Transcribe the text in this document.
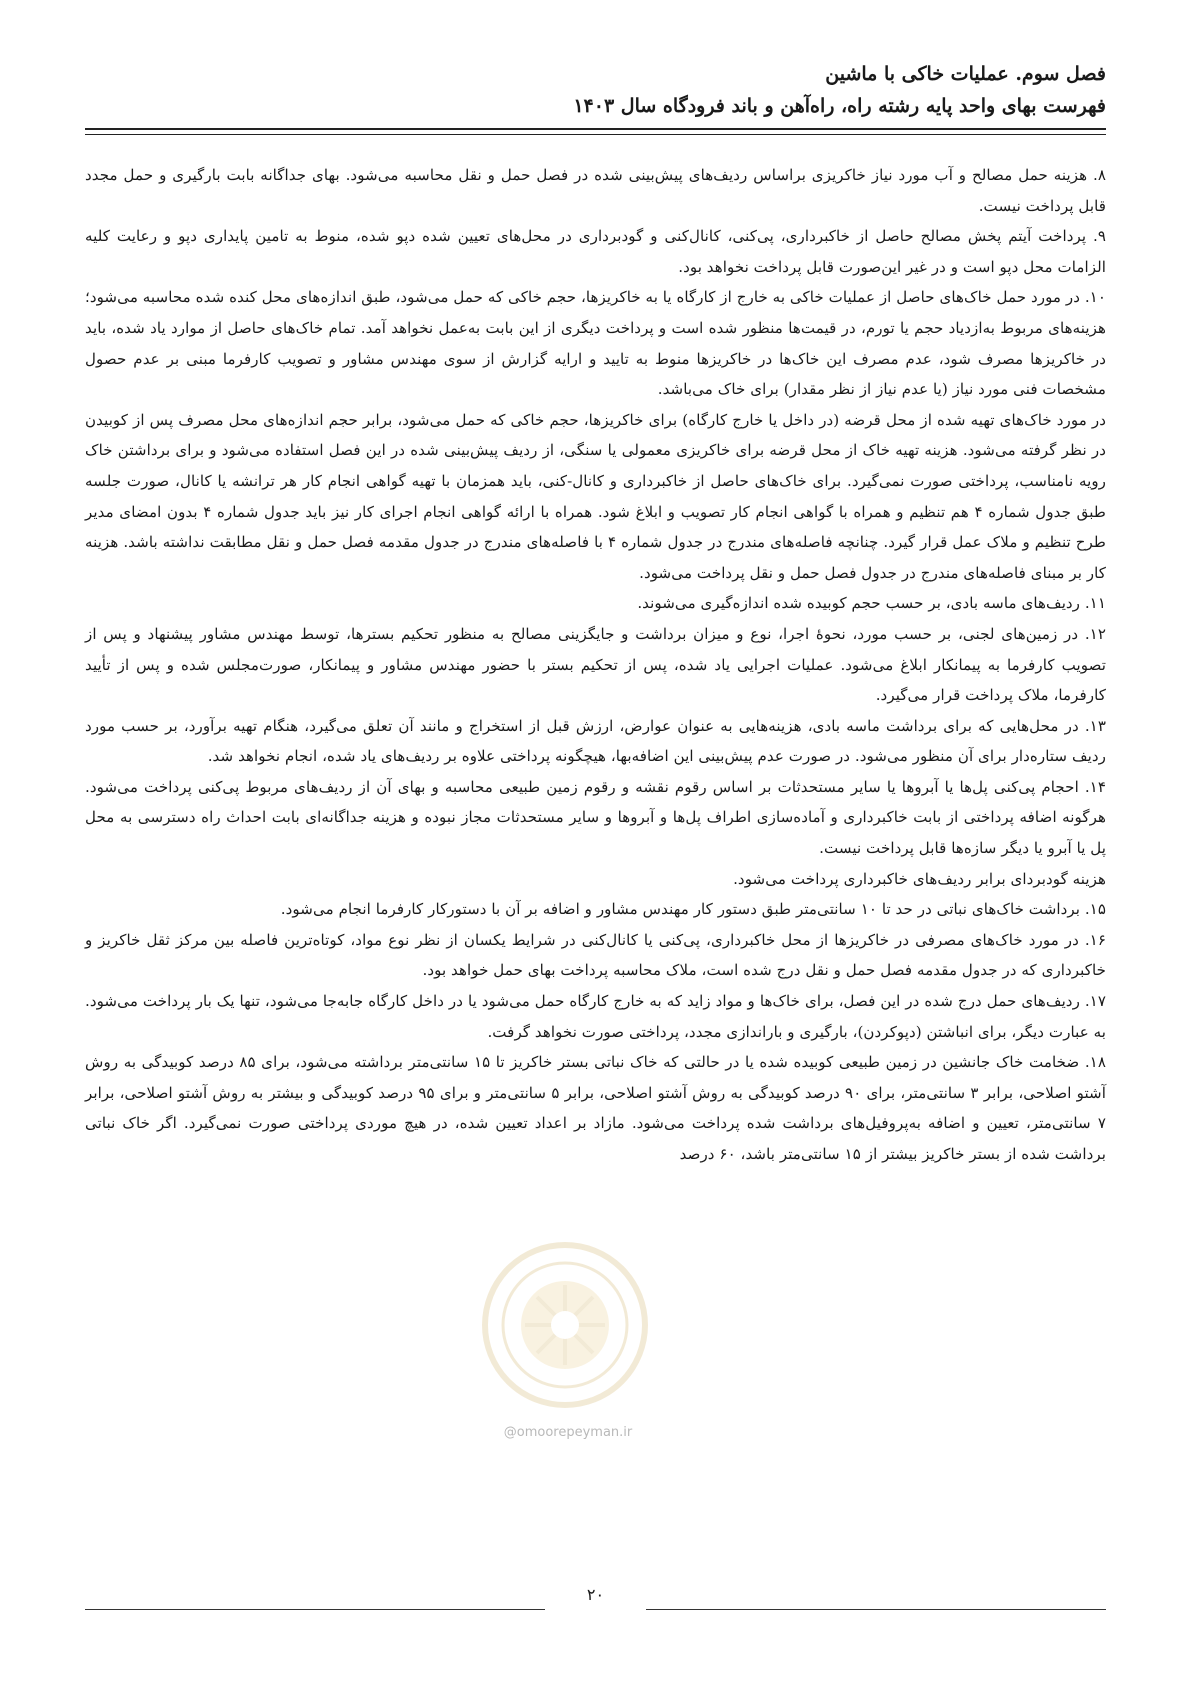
فصل سوم. عملیات خاکی با ماشین

فهرست بهای واحد پایه رشته راه، راه‌آهن و باند فرودگاه سال ۱۴۰۳

@omoorepeyman.ir

۸. هزینه حمل مصالح و آب مورد نیاز خاکریزی براساس ردیف‌های پیش‌بینی شده در فصل حمل و نقل محاسبه می‌شود. بهای جداگانه بابت بارگیری و حمل مجدد قابل پرداخت نیست.

۹. پرداخت آیتم پخش مصالح حاصل از خاکبرداری، پی‌کنی، کانال‌کنی و گودبرداری در محل‌های تعیین شده دپو شده، منوط به تامین پایداری دپو و رعایت کلیه الزامات محل دپو است و در غیر این‌صورت قابل پرداخت نخواهد بود.

۱۰. در مورد حمل خاک‌های حاصل از عملیات خاکی به خارج از کارگاه یا به خاکریزها، حجم خاکی که حمل می‌شود، طبق اندازه‌های محل کنده شده محاسبه می‌شود؛ هزینه‌های مربوط به‌ازدیاد حجم یا تورم، در قیمت‌ها منظور شده است و پرداخت دیگری از این بابت به‌عمل نخواهد آمد. تمام خاک‌های حاصل از موارد یاد شده، باید در خاکریزها مصرف شود، عدم مصرف این خاک‌ها در خاکریزها منوط به تایید و ارایه گزارش از سوی مهندس مشاور و تصویب کارفرما مبنی بر عدم حصول مشخصات فنی مورد نیاز (یا عدم نیاز از نظر مقدار) برای خاک می‌باشد.

در مورد خاک‌های تهیه شده از محل قرضه (در داخل یا خارج کارگاه) برای خاکریزها، حجم خاکی که حمل می‌شود، برابر حجم اندازه‌های محل مصرف پس از کوبیدن در نظر گرفته می‌شود. هزینه تهیه خاک از محل قرضه برای خاکریزی معمولی یا سنگی، از ردیف پیش‌بینی شده در این فصل استفاده می‌شود و برای برداشتن خاک رویه نامناسب، پرداختی صورت نمی‌گیرد. برای خاک‌های حاصل از خاکبرداری و کانال-کنی، باید همزمان با تهیه گواهی انجام کار هر ترانشه یا کانال، صورت جلسه طبق جدول شماره ۴ هم تنظیم و همراه با گواهی انجام کار تصویب و ابلاغ شود. همراه با ارائه گواهی انجام اجرای کار نیز باید جدول شماره ۴ بدون امضای مدیر طرح تنظیم و ملاک عمل قرار گیرد. چنانچه فاصله‌های مندرج در جدول شماره ۴ با فاصله‌های مندرج در جدول مقدمه فصل حمل و نقل مطابقت نداشته باشد. هزینه کار بر مبنای فاصله‌های مندرج در جدول فصل حمل و نقل پرداخت می‌شود.

۱۱. ردیف‌های ماسه بادی، بر حسب حجم کوبیده شده اندازه‌گیری می‌شوند.

۱۲. در زمین‌های لجنی، بر حسب مورد، نحوهٔ اجرا، نوع و میزان برداشت و جایگزینی مصالح به منظور تحکیم بسترها، توسط مهندس مشاور پیشنهاد و پس از تصویب کارفرما به پیمانکار ابلاغ می‌شود. عملیات اجرایی یاد شده، پس از تحکیم بستر با حضور مهندس مشاور و پیمانکار، صورت‌مجلس شده و پس از تأیید کارفرما، ملاک پرداخت قرار می‌گیرد.

۱۳. در محل‌هایی که برای برداشت ماسه بادی، هزینه‌هایی به عنوان عوارض، ارزش قبل از استخراج و مانند آن تعلق می‌گیرد، هنگام تهیه برآورد، بر حسب مورد ردیف ستاره‌دار برای آن منظور می‌شود. در صورت عدم پیش‌بینی این اضافه‌بها، هیچگونه پرداختی علاوه بر ردیف‌های یاد شده، انجام نخواهد شد.

۱۴. احجام پی‌کنی پل‌ها یا آبروها یا سایر مستحدثات بر اساس رقوم نقشه و رقوم زمین طبیعی محاسبه و بهای آن از ردیف‌های مربوط پی‌کنی پرداخت می‌شود. هرگونه اضافه پرداختی از بابت خاکبرداری و آماده‌سازی اطراف پل‌ها و آبروها و سایر مستحدثات مجاز نبوده و هزینه جداگانه‌ای بابت احداث راه دسترسی به محل پل یا آبرو یا دیگر سازه‌ها قابل پرداخت نیست.

هزینه گودبردای برابر ردیف‌های خاکبرداری پرداخت می‌شود.

۱۵. برداشت خاک‌های نباتی در حد تا ۱۰ سانتی‌متر طبق دستور کار مهندس مشاور و اضافه بر آن با دستورکار کارفرما انجام می‌شود.

۱۶. در مورد خاک‌های مصرفی در خاکریزها از محل خاکبرداری، پی‌کنی یا کانال‌کنی در شرایط یکسان از نظر نوع مواد، کوتاه‌ترین فاصله بین مرکز ثقل خاکریز و خاکبرداری که در جدول مقدمه فصل حمل و نقل درج شده است، ملاک محاسبه پرداخت بهای حمل خواهد بود.

۱۷. ردیف‌های حمل درج شده در این فصل، برای خاک‌ها و مواد زاید که به خارج کارگاه حمل می‌شود یا در داخل کارگاه جابه‌جا می‌شود، تنها یک بار پرداخت می‌شود. به عبارت دیگر، برای انباشتن (دپوکردن)، بارگیری و باراندازی مجدد، پرداختی صورت نخواهد گرفت.

۱۸. ضخامت خاک جانشین در زمین طبیعی کوبیده شده یا در حالتی که خاک نباتی بستر خاکریز تا ۱۵ سانتی‌متر برداشته می‌شود، برای ۸۵ درصد کوبیدگی به روش آشتو اصلاحی، برابر ۳ سانتی‌متر، برای ۹۰ درصد کوبیدگی به روش آشتو اصلاحی، برابر ۵ سانتی‌متر و برای ۹۵ درصد کوبیدگی و بیشتر به روش آشتو اصلاحی، برابر ۷ سانتی‌متر، تعیین و اضافه به‌پروفیل‌های برداشت شده پرداخت می‌شود. مازاد بر اعداد تعیین شده، در هیچ موردی پرداختی صورت نمی‌گیرد. اگر خاک نباتی برداشت شده از بستر خاکریز بیشتر از ۱۵ سانتی‌متر باشد، ۶۰ درصد

۲۰
